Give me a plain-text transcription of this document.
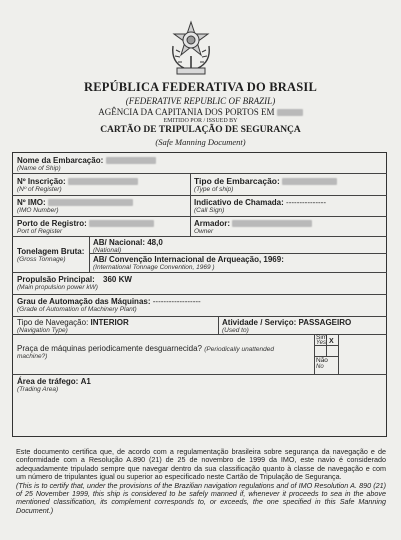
REPÚBLICA FEDERATIVA DO BRASIL
(FEDERATIVE REPUBLIC OF BRAZIL)
AGÊNCIA DA CAPITANIA DOS PORTOS EM
EMITIDO POR / ISSUED BY
CARTÃO DE TRIPULAÇÃO DE SEGURANÇA
(Safe Manning Document)
Nome da Embarcação:
(Name of Ship)
Nº Inscrição:
(Nº of Register)
Tipo de Embarcação:
(Type of ship)
Nº IMO:
(IMO Number)
Indicativo de Chamada: ---------------
(Call Sign)
Porto de Registro:
Port of Register
Armador:
Owner
Tonelagem Bruta:
(Gross Tonnage)
AB/ Nacional: 48,0
(National)
AB/ Convenção Internacional de Arqueação, 1969:
(International Tonnage Convention, 1969 )
Propulsão Principal: 360 KW
(Main propulsion power kW)
Grau de Automação das Máquinas: ------------------
(Grade of Automation of Machinery Plant)
Tipo de Navegação: INTERIOR
(Navigation Type)
Atividade / Serviço: PASSAGEIRO
(Used to)
Praça de máquinas periodicamente desguarnecida? (Periodically unattended
machine?)
Sim

Yes X
Não

No
Área de tráfego: A1
(Trading Area)
Este documento certifica que, de acordo com a regulamentação brasileira sobre segurança da navegação e de conformidade com a Resolução A.890 (21) de 25 de novembro de 1999 da IMO, este navio é considerado adequadamente tripulado sempre que navegar dentro da sua classificação quanto à classe de navegação e com um número de tripulantes igual ou superior ao especificado neste Cartão de Tripulação de Segurança.
(This is to certify that, under the provisions of the Brazilian navigation regulations and of IMO Resolution A. 890 (21) of 25 November 1999, this ship is considered to be safely manned if, whenever it proceeds to sea in the above mentioned classification, its complement corresponds to, or exceeds, the one specified in this Safe Manning Document.)
